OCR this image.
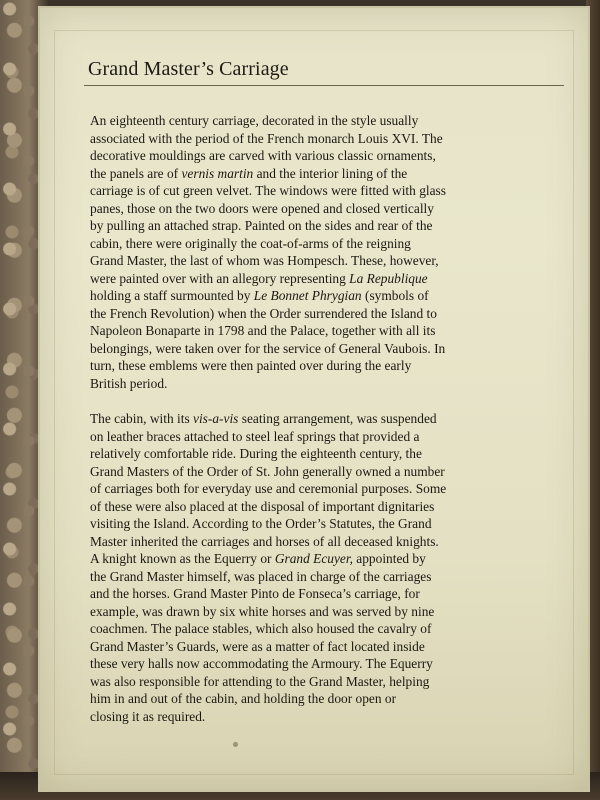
Grand Master’s Carriage

An eighteenth century carriage, decorated in the style usually
associated with the period of the French monarch Louis XVI. The
decorative mouldings are carved with various classic ornaments,
the panels are of vernis martin and the interior lining of the
carriage is of cut green velvet. The windows were fitted with glass
panes, those on the two doors were opened and closed vertically
by pulling an attached strap. Painted on the sides and rear of the
cabin, there were originally the coat-of-arms of the reigning
Grand Master, the last of whom was Hompesch. These, however,
were painted over with an allegory representing La Republique
holding a staff surmounted by Le Bonnet Phrygian (symbols of
the French Revolution) when the Order surrendered the Island to
Napoleon Bonaparte in 1798 and the Palace, together with all its
belongings, were taken over for the service of General Vaubois. In
turn, these emblems were then painted over during the early
British period.

The cabin, with its vis-a-vis seating arrangement, was suspended
on leather braces attached to steel leaf springs that provided a
relatively comfortable ride. During the eighteenth century, the
Grand Masters of the Order of St. John generally owned a number
of carriages both for everyday use and ceremonial purposes. Some
of these were also placed at the disposal of important dignitaries
visiting the Island. According to the Order’s Statutes, the Grand
Master inherited the carriages and horses of all deceased knights.
A knight known as the Equerry or Grand Ecuyer, appointed by
the Grand Master himself, was placed in charge of the carriages
and the horses. Grand Master Pinto de Fonseca’s carriage, for
example, was drawn by six white horses and was served by nine
coachmen. The palace stables, which also housed the cavalry of
Grand Master’s Guards, were as a matter of fact located inside
these very halls now accommodating the Armoury. The Equerry
was also responsible for attending to the Grand Master, helping
him in and out of the cabin, and holding the door open or
closing it as required.
